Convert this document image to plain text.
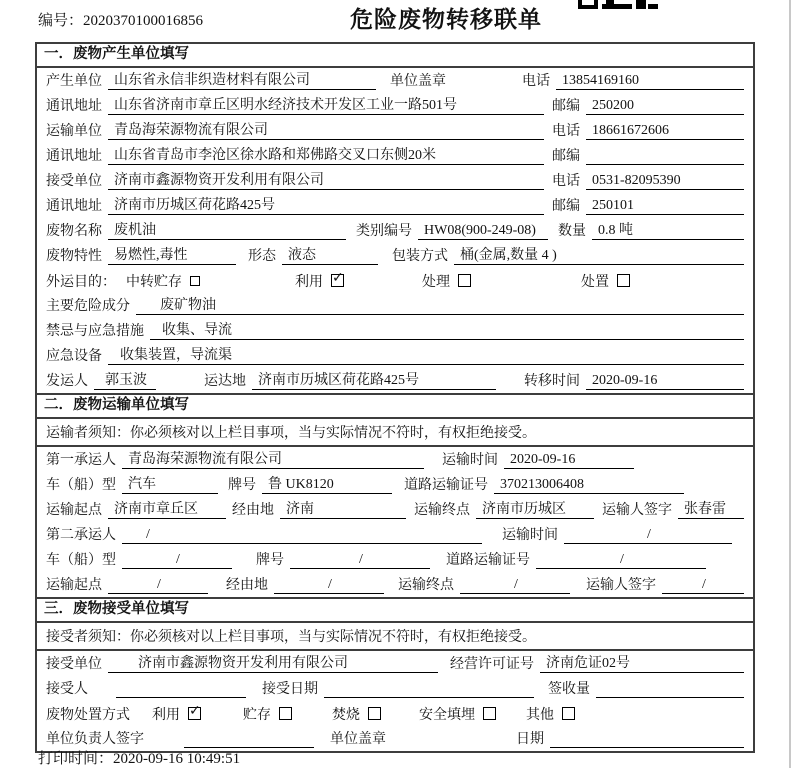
编号：2020370100016856	危险废物转移联单
一．废物产生单位填写
产生单位 山东省永信非织造材料有限公司	单位盖章	电话 13854169160
通讯地址 山东省济南市章丘区明水经济技术开发区工业一路501号	邮编 250200
运输单位 青岛海荣源物流有限公司	电话 18661672606
通讯地址 山东省青岛市李沧区徐水路和郑佛路交叉口东侧20米	邮编
接受单位 济南市鑫源物资开发利用有限公司	电话 0531-82095390
通讯地址 济南市历城区荷花路425号	邮编 250101
废物名称 废机油	类别编号 HW08(900-249-08)	数量 0.8 吨
废物特性 易燃性,毒性	形态 液态	包装方式 桶(金属,数量 4 )
外运目的： 中转贮存	利用 ✓	处理	处置
主要危险成分	废矿物油
禁忌与应急措施	收集、导流
应急设备	收集装置，导流渠
发运人	郭玉波	运达地 济南市历城区荷花路425号	转移时间 2020-09-16
二．废物运输单位填写
运输者须知：你必须核对以上栏目事项，当与实际情况不符时，有权拒绝接受。
第一承运人 青岛海荣源物流有限公司	运输时间 2020-09-16
车（船）型 汽车	牌号 鲁 UK8120	道路运输证号 370213006408
运输起点 济南市章丘区	经由地 济南	运输终点 济南市历城区	运输人签字 张春雷
第二承运人	/	运输时间	/
车（船）型	/	牌号	/	道路运输证号	/
运输起点	/	经由地	/	运输终点	/	运输人签字	/
三．废物接受单位填写
接受者须知：你必须核对以上栏目事项，当与实际情况不符时，有权拒绝接受。
接受单位	济南市鑫源物资开发利用有限公司	经营许可证号 济南危证02号
接受人	接受日期	签收量
废物处置方式 利用 ✓	贮存	焚烧	安全填埋	其他
单位负责人签字	单位盖章	日期
打印时间：2020-09-16 10:49:51
